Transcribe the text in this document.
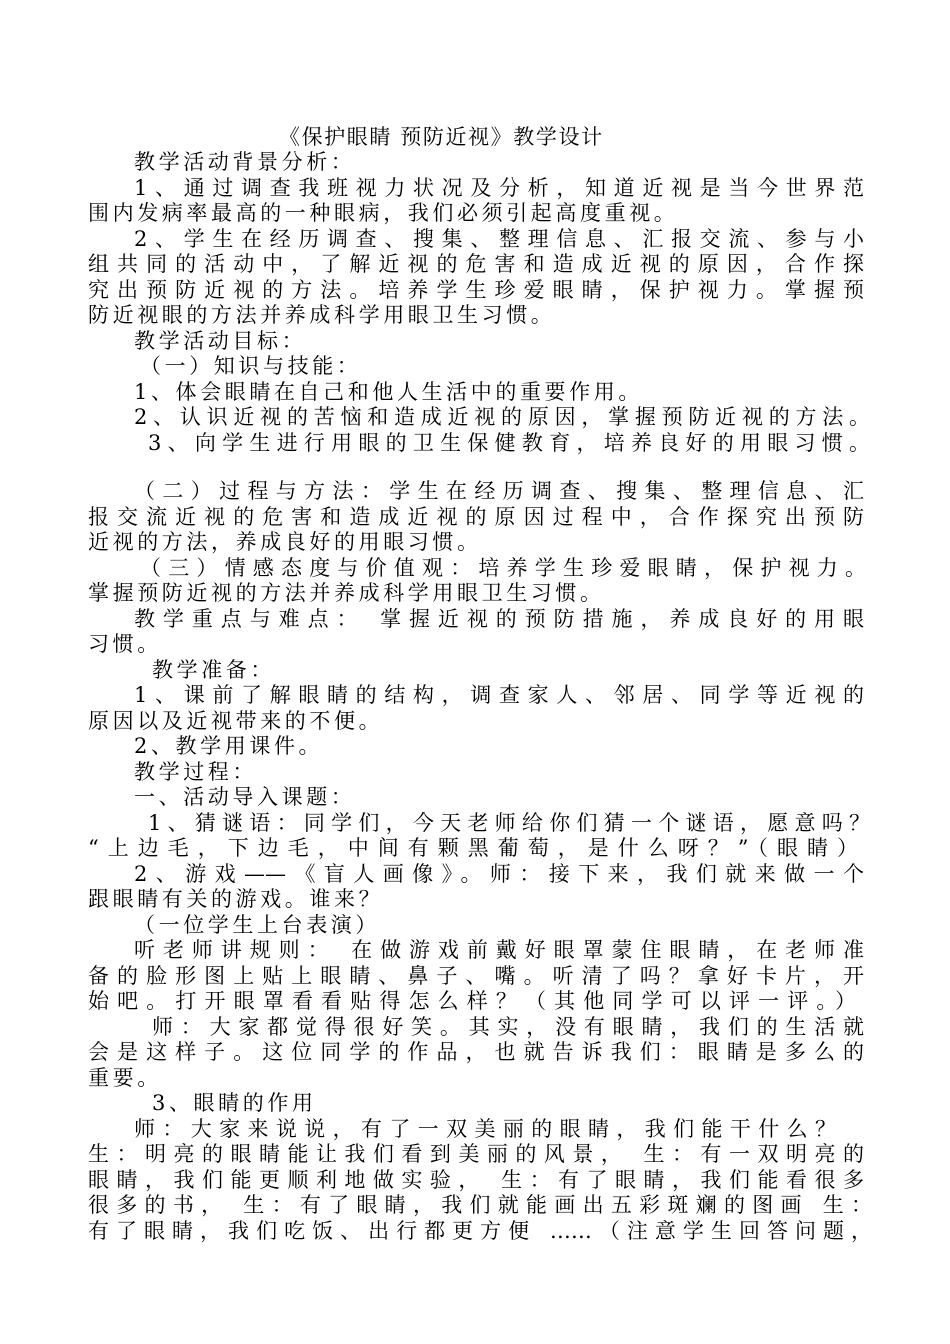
《保护眼睛 预防近视》教学设计
教学活动背景分析：
1、通过调查我班视力状况及分析，知道近视是当今世界范
围内发病率最高的一种眼病，我们必须引起高度重视。
2、学生在经历调查、搜集、整理信息、汇报交流、参与小
组共同的活动中，了解近视的危害和造成近视的原因，合作探
究出预防近视的方法。培养学生珍爱眼睛，保护视力。掌握预
防近视眼的方法并养成科学用眼卫生习惯。
教学活动目标：
（一）知识与技能：
1、体会眼睛在自己和他人生活中的重要作用。
2、认识近视的苦恼和造成近视的原因，掌握预防近视的方法。
3、向学生进行用眼的卫生保健教育，培养良好的用眼习惯。
（二）过程与方法：学生在经历调查、搜集、整理信息、汇
报交流近视的危害和造成近视的原因过程中，合作探究出预防
近视的方法，养成良好的用眼习惯。
（三）情感态度与价值观：培养学生珍爱眼睛，保护视力。
掌握预防近视的方法并养成科学用眼卫生习惯。
教学重点与难点： 掌握近视的预防措施，养成良好的用眼
习惯。
教学准备：
1、课前了解眼睛的结构，调查家人、邻居、同学等近视的
原因以及近视带来的不便。
2、教学用课件。
教学过程：
一、活动导入课题：
1、猜谜语：同学们，今天老师给你们猜一个谜语，愿意吗？
“上边毛，下边毛，中间有颗黑葡萄，是什么呀？”（眼睛）
2、游戏——《盲人画像》。师：接下来，我们就来做一个
跟眼睛有关的游戏。谁来？
（一位学生上台表演）
听老师讲规则： 在做游戏前戴好眼罩蒙住眼睛，在老师准
备的脸形图上贴上眼睛、鼻子、嘴。听清了吗？拿好卡片，开
始吧。打开眼罩看看贴得怎么样？（其他同学可以评一评。）
师：大家都觉得很好笑。其实，没有眼睛，我们的生活就
会是这样子。这位同学的作品，也就告诉我们：眼睛是多么的
重要。
3、眼睛的作用
师：大家来说说，有了一双美丽的眼睛，我们能干什么？
生：明亮的眼睛能让我们看到美丽的风景， 生：有一双明亮的
眼睛，我们能更顺利地做实验， 生：有了眼睛，我们能看很多
很多的书， 生：有了眼睛，我们就能画出五彩斑斓的图画 生：
有了眼睛，我们吃饭、出行都更方便 ……（注意学生回答问题，
